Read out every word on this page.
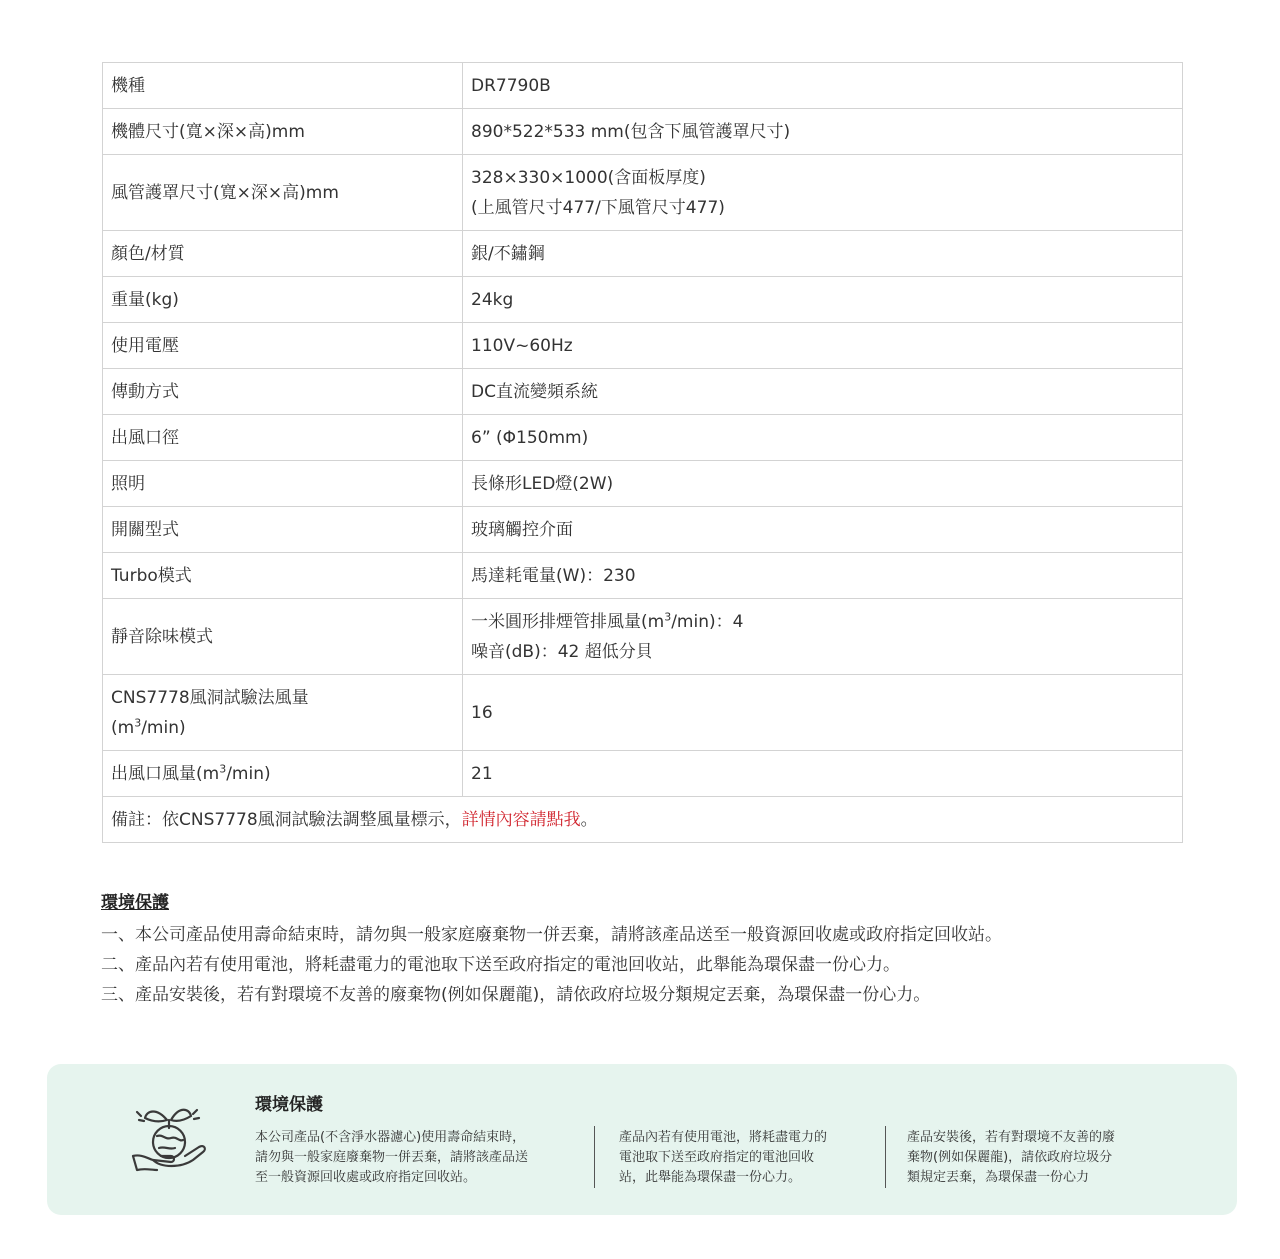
機種	DR7790B
機體尺寸(寬×深×高)mm	890*522*533 mm(包含下風管護罩尺寸)
風管護罩尺寸(寬×深×高)mm	328×330×1000(含面板厚度)
(上風管尺寸477/下風管尺寸477)

顏色/材質	銀/不鏽鋼
重量(kg)	24kg
使用電壓	110V~60Hz
傳動方式	DC直流變頻系統
出風口徑	6” (Φ150mm)
照明	長條形LED燈(2W)
開關型式	玻璃觸控介面
Turbo模式	馬達耗電量(W)：230
靜音除味模式	一米圓形排煙管排風量$(m^3/\min)$：4
噪音(dB)：42 超低分貝

CNS7778風洞試驗法風量
$(m^3/\min)$	16
出風口風量$(m^3/\min)$	21
備註：依CNS7778風洞試驗法調整風量標示，詳情內容請點我。	

環境保護

一、本公司產品使用壽命結束時，請勿與一般家庭廢棄物一併丟棄，請將該產品送至一般資源回收處或政府指定回收站。

二、產品內若有使用電池，將耗盡電力的電池取下送至政府指定的電池回收站，此舉能為環保盡一份心力。

三、產品安裝後，若有對環境不友善的廢棄物(例如保麗龍)，請依政府垃圾分類規定丟棄，為環保盡一份心力。

環境保護
本公司產品(不含淨水器濾心)使用壽命結束時，
請勿與一般家庭廢棄物一併丟棄，請將該產品送
至一般資源回收處或政府指定回收站。
產品內若有使用電池，將耗盡電力的
電池取下送至政府指定的電池回收
站，此舉能為環保盡一份心力。
產品安裝後，若有對環境不友善的廢
棄物(例如保麗龍)，請依政府垃圾分
類規定丟棄，為環保盡一份心力
